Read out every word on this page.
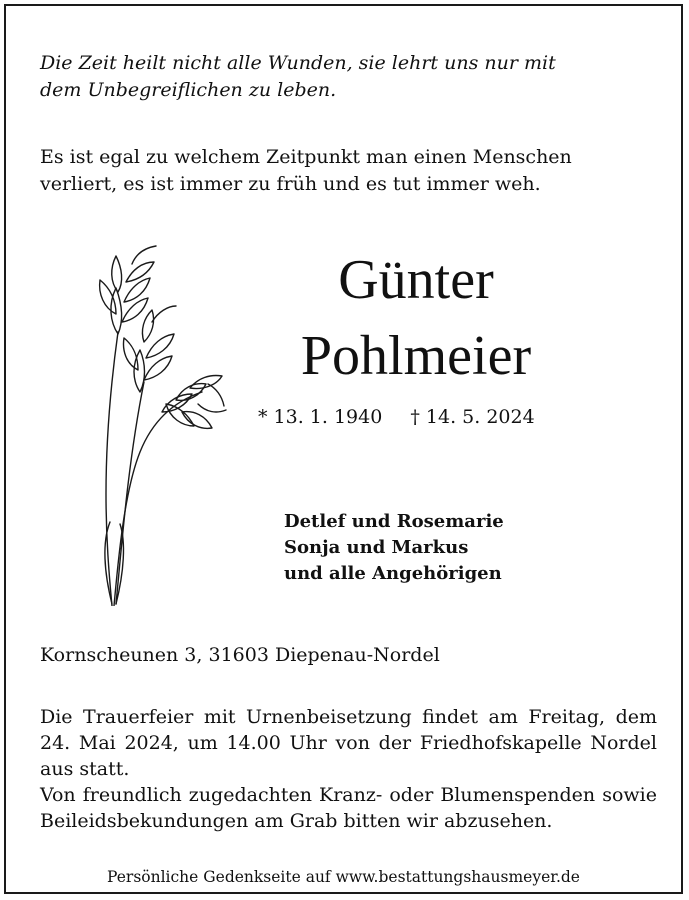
Die Zeit heilt nicht alle Wunden, sie lehrt uns nur mit
dem Unbegreiflichen zu leben.
Es ist egal zu welchem Zeitpunkt man einen Menschen
verliert, es ist immer zu früh und es tut immer weh.
Günter
Pohlmeier
* 13. 1. 1940 † 14. 5. 2024
Detlef und Rosemarie
Sonja und Markus
und alle Angehörigen
Kornscheunen 3, 31603 Diepenau-Nordel

Die Trauerfeier mit Urnenbeisetzung findet am Freitag, dem 24. Mai 2024, um 14.00 Uhr von der Friedhofskapelle Nordel aus statt.

Von freundlich zugedachten Kranz- oder Blumenspenden sowie Beileidsbekundungen am Grab bitten wir abzusehen.

Persönliche Gedenkseite auf www.bestattungshausmeyer.de
